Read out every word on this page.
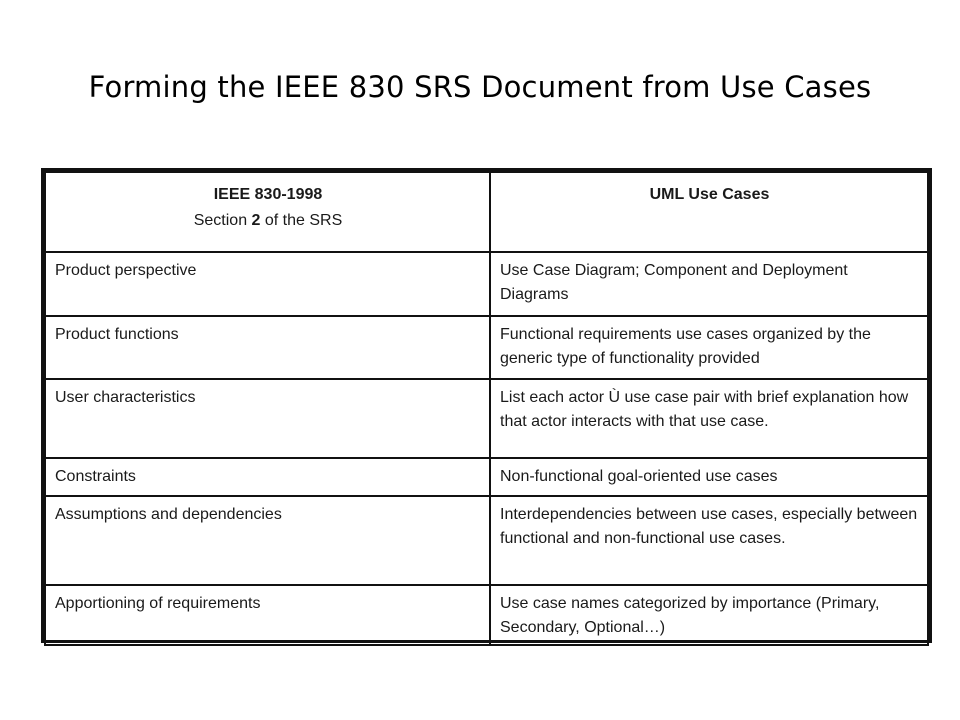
Forming the IEEE 830 SRS Document from Use Cases
IEEE 830-1998
Section 2 of the SRS	UML Use Cases

Product perspective	Use Case Diagram; Component and Deployment Diagrams
Product functions	Functional requirements use cases organized by the generic type of functionality provided
User characteristics	List each actor Ù use case pair with brief explanation how that actor interacts with that use case.
Constraints	Non-functional goal-oriented use cases
Assumptions and dependencies	Interdependencies between use cases, especially between functional and non-functional use cases.
Apportioning of requirements	Use case names categorized by importance (Primary, Secondary, Optional…)
